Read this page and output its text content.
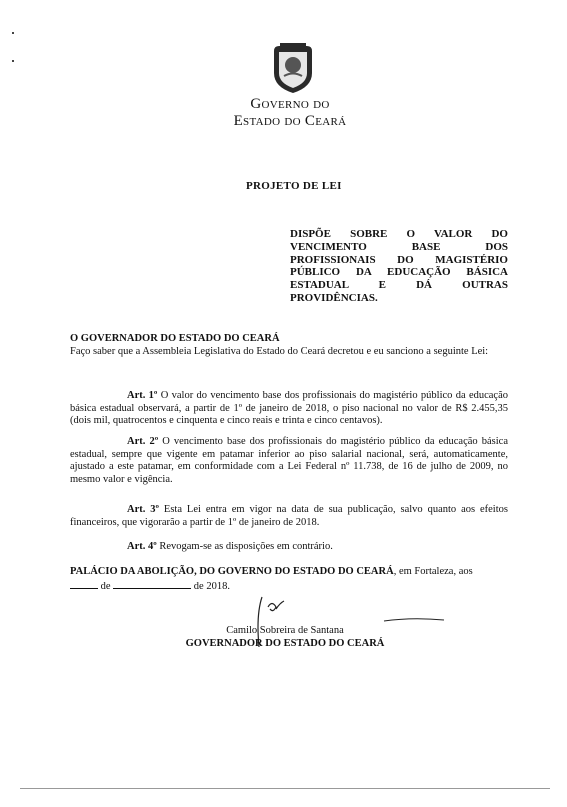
Governo do
Estado do Ceará
PROJETO DE LEI
DISPÕE SOBRE O VALOR DO
VENCIMENTO BASE DOS
PROFISSIONAIS DO MAGISTÉRIO
PÚBLICO DA EDUCAÇÃO BÁSICA
ESTADUAL E DÁ OUTRAS
PROVIDÊNCIAS.
O GOVERNADOR DO ESTADO DO CEARÁ
Faço saber que a Assembleia Legislativa do Estado do Ceará decretou e eu sanciono a seguinte Lei:
Art. 1º O valor do vencimento base dos profissionais do magistério público da educação básica estadual observará, a partir de 1º de janeiro de 2018, o piso nacional no valor de R$ 2.455,35 (dois mil, quatrocentos e cinquenta e cinco reais e trinta e cinco centavos).
Art. 2º O vencimento base dos profissionais do magistério público da educação básica estadual, sempre que vigente em patamar inferior ao piso salarial nacional, será, automaticamente, ajustado a este patamar, em conformidade com a Lei Federal nº 11.738, de 16 de julho de 2009, no mesmo valor e vigência.
Art. 3º Esta Lei entra em vigor na data de sua publicação, salvo quanto aos efeitos financeiros, que vigorarão a partir de 1º de janeiro de 2018.
Art. 4º Revogam-se as disposições em contrário.
PALÁCIO DA ABOLIÇÃO, DO GOVERNO DO ESTADO DO CEARÁ, em Fortaleza, aos
de	de 2018.
Camilo Sobreira de Santana
GOVERNADOR DO ESTADO DO CEARÁ
